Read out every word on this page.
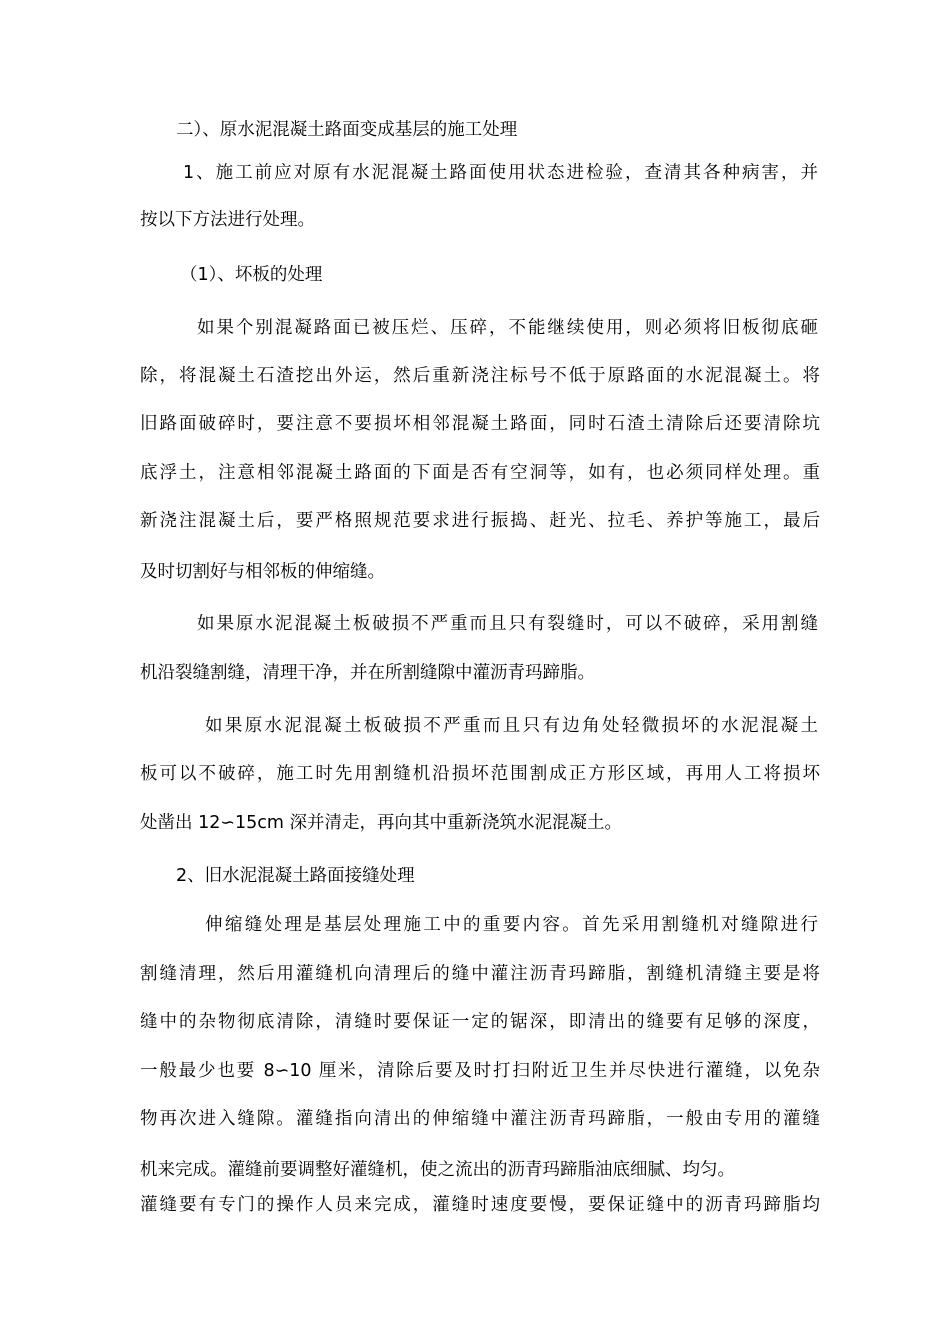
二）、原水泥混凝土路面变成基层的施工处理
1、施工前应对原有水泥混凝土路面使用状态进检验，查清其各种病害，并
按以下方法进行处理。
（1）、坏板的处理
如果个别混凝路面已被压烂、压碎，不能继续使用，则必须将旧板彻底砸
除，将混凝土石渣挖出外运，然后重新浇注标号不低于原路面的水泥混凝土。将
旧路面破碎时，要注意不要损坏相邻混凝土路面，同时石渣土清除后还要清除坑
底浮土，注意相邻混凝土路面的下面是否有空洞等，如有，也必须同样处理。重
新浇注混凝土后，要严格照规范要求进行振捣、赶光、拉毛、养护等施工，最后
及时切割好与相邻板的伸缩缝。
如果原水泥混凝土板破损不严重而且只有裂缝时，可以不破碎，采用割缝
机沿裂缝割缝，清理干净，并在所割缝隙中灌沥青玛蹄脂。
如果原水泥混凝土板破损不严重而且只有边角处轻微损坏的水泥混凝土
板可以不破碎，施工时先用割缝机沿损坏范围割成正方形区域，再用人工将损坏
处凿出 12∽15cm 深并清走，再向其中重新浇筑水泥混凝土。
2、旧水泥混凝土路面接缝处理
伸缩缝处理是基层处理施工中的重要内容。首先采用割缝机对缝隙进行
割缝清理，然后用灌缝机向清理后的缝中灌注沥青玛蹄脂，割缝机清缝主要是将
缝中的杂物彻底清除，清缝时要保证一定的锯深，即清出的缝要有足够的深度，
一般最少也要 8∽10 厘米，清除后要及时打扫附近卫生并尽快进行灌缝，以免杂
物再次进入缝隙。灌缝指向清出的伸缩缝中灌注沥青玛蹄脂，一般由专用的灌缝
机来完成。灌缝前要调整好灌缝机，使之流出的沥青玛蹄脂油底细腻、均匀。
灌缝要有专门的操作人员来完成，灌缝时速度要慢，要保证缝中的沥青玛蹄脂均
